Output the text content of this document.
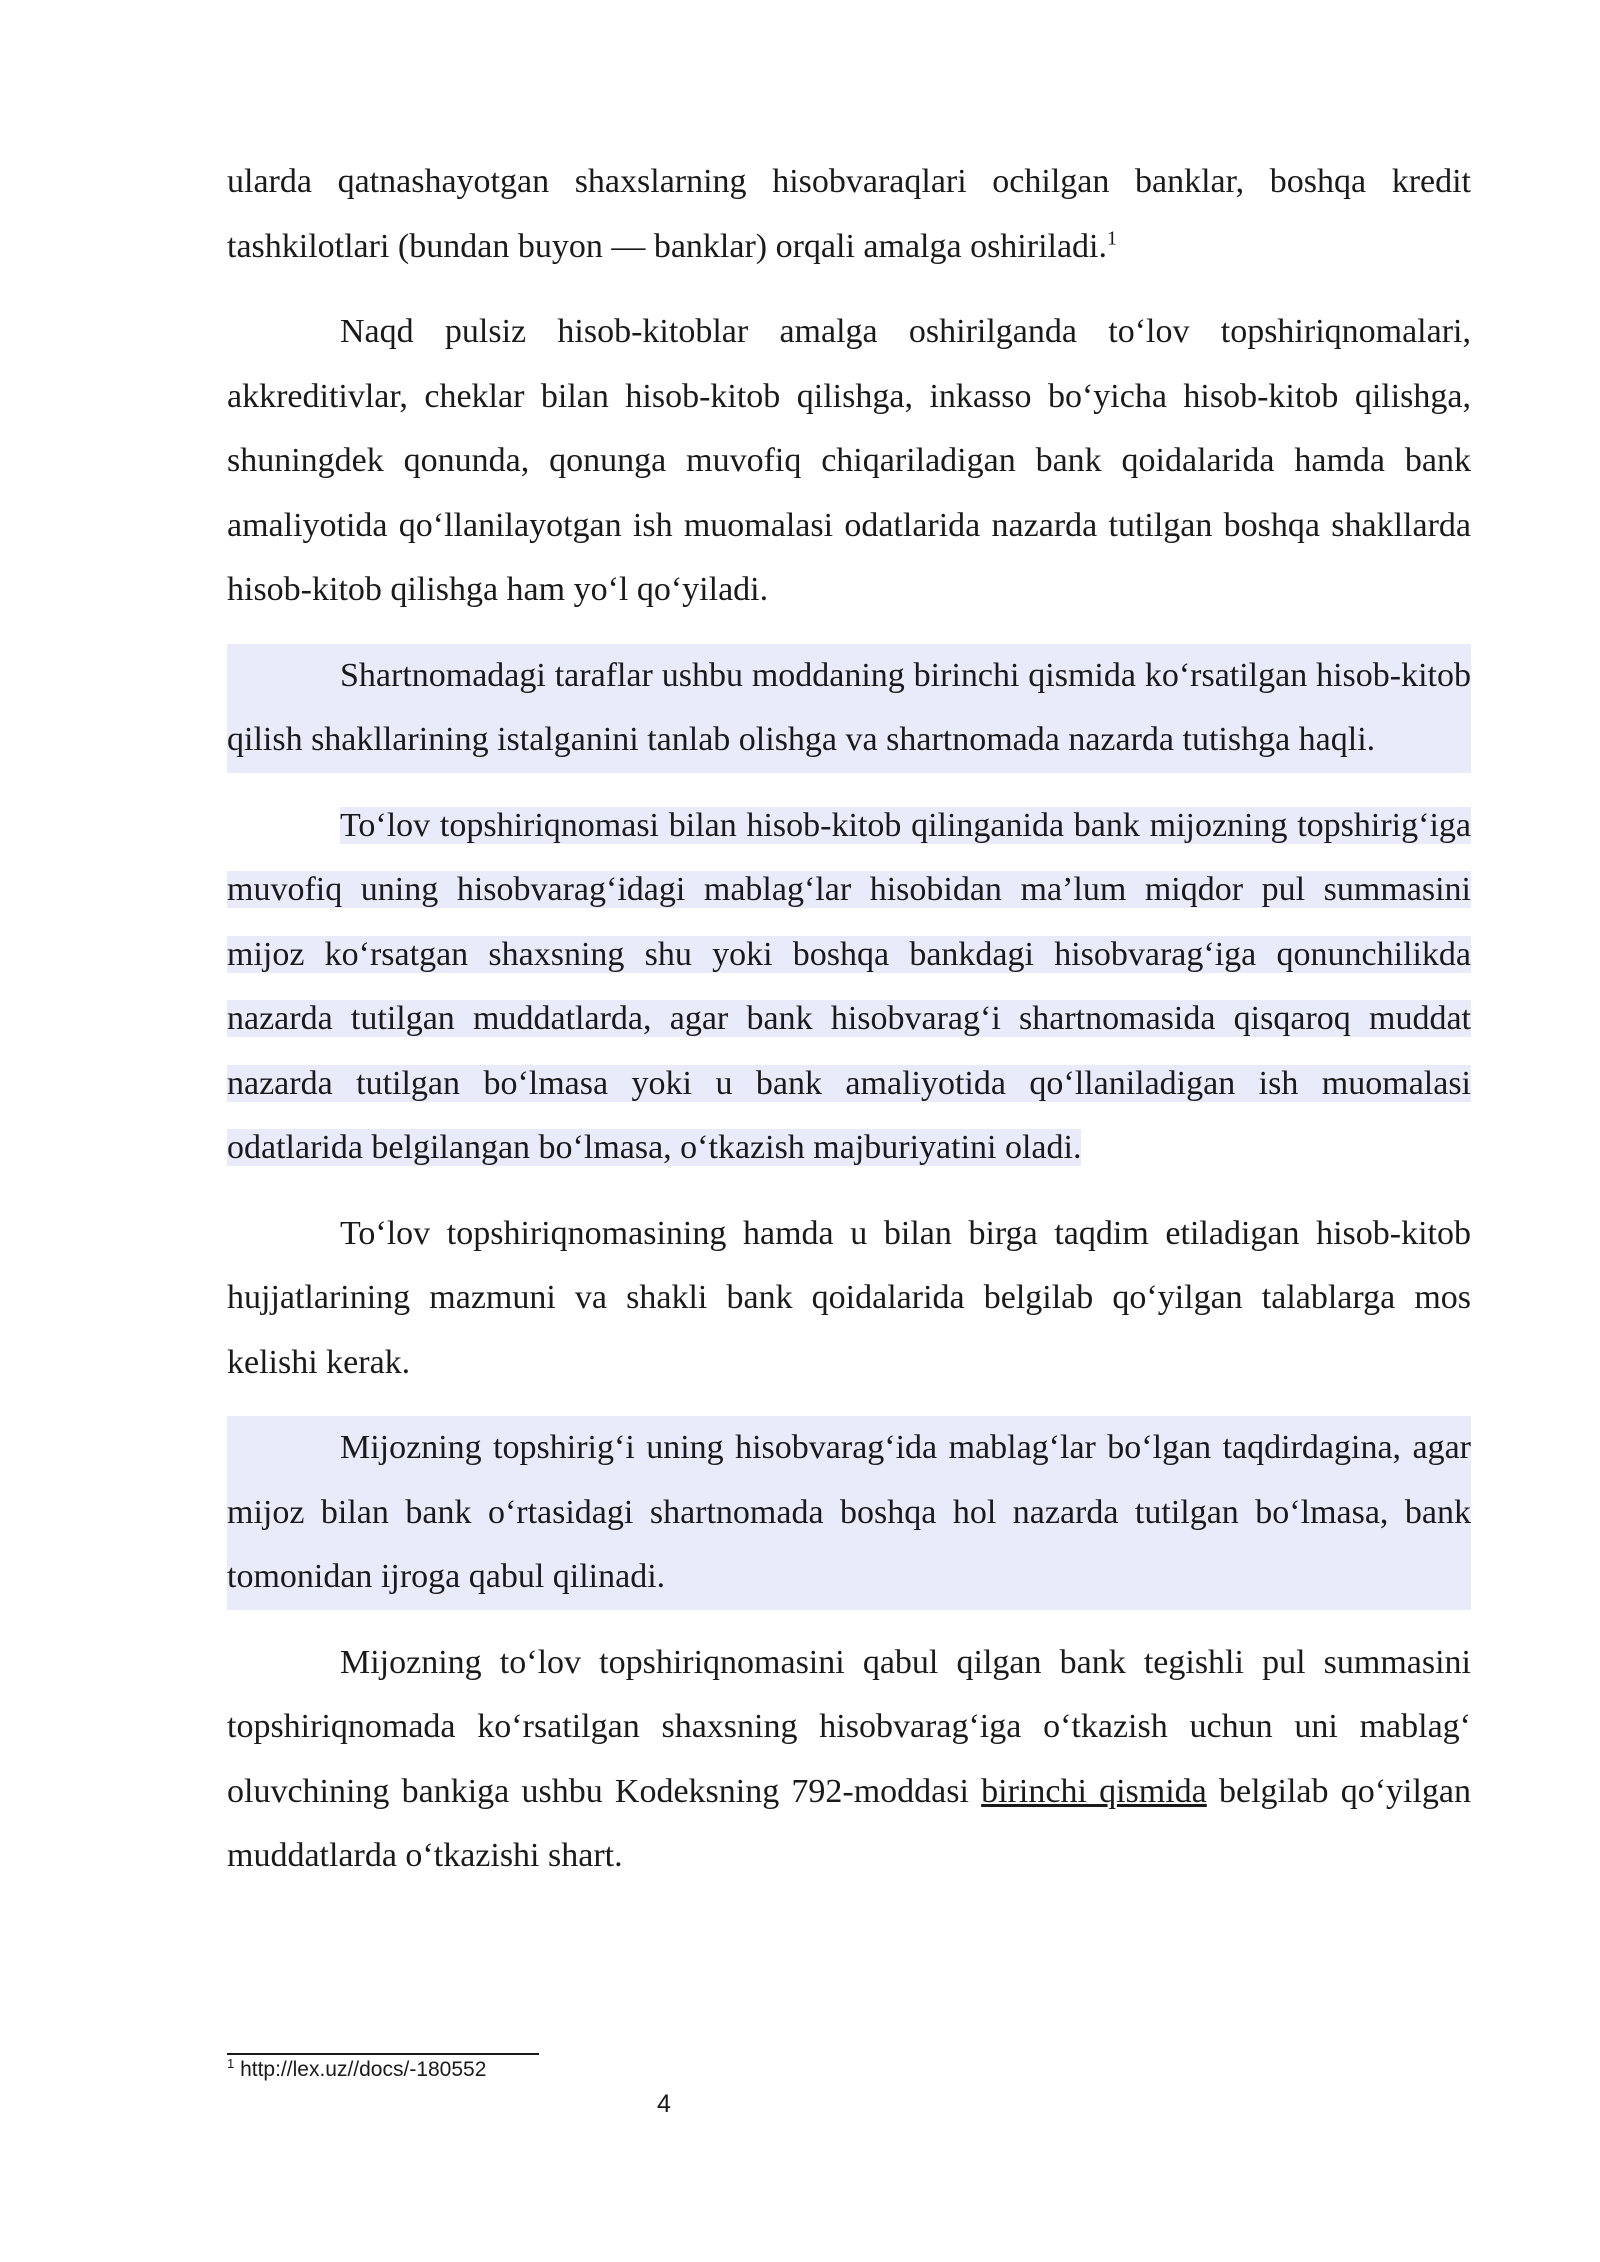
ularda qatnashayotgan shaxslarning hisobvaraqlari ochilgan banklar, boshqa kredit tashkilotlari (bundan buyon — banklar) orqali amalga oshiriladi.$^1$

Naqd pulsiz hisob-kitoblar amalga oshirilganda to‘lov topshiriqnomalari, akkreditivlar, cheklar bilan hisob-kitob qilishga, inkasso bo‘yicha hisob-kitob qilishga, shuningdek qonunda, qonunga muvofiq chiqariladigan bank qoidalarida hamda bank amaliyotida qo‘llanilayotgan ish muomalasi odatlarida nazarda tutilgan boshqa shakllarda hisob-kitob qilishga ham yo‘l qo‘yiladi.

Shartnomadagi taraflar ushbu moddaning birinchi qismida ko‘rsatilgan hisob-kitob qilish shakllarining istalganini tanlab olishga va shartnomada nazarda tutishga haqli.

To‘lov topshiriqnomasi bilan hisob-kitob qilinganida bank mijozning topshirig‘iga muvofiq uning hisobvarag‘idagi mablag‘lar hisobidan ma’lum miqdor pul summasini mijoz ko‘rsatgan shaxsning shu yoki boshqa bankdagi hisobvarag‘iga qonunchilikda nazarda tutilgan muddatlarda, agar bank hisobvarag‘i shartnomasida qisqaroq muddat nazarda tutilgan bo‘lmasa yoki u bank amaliyotida qo‘llaniladigan ish muomalasi odatlarida belgilangan bo‘lmasa, o‘tkazish majburiyatini oladi.

To‘lov topshiriqnomasining hamda u bilan birga taqdim etiladigan hisob-kitob hujjatlarining mazmuni va shakli bank qoidalarida belgilab qo‘yilgan talablarga mos kelishi kerak.

Mijozning topshirig‘i uning hisobvarag‘ida mablag‘lar bo‘lgan taqdirdagina, agar mijoz bilan bank o‘rtasidagi shartnomada boshqa hol nazarda tutilgan bo‘lmasa, bank tomonidan ijroga qabul qilinadi.

Mijozning to‘lov topshiriqnomasini qabul qilgan bank tegishli pul summasini topshiriqnomada ko‘rsatilgan shaxsning hisobvarag‘iga o‘tkazish uchun uni mablag‘ oluvchining bankiga ushbu Kodeksning 792-moddasi birinchi qismida belgilab qo‘yilgan muddatlarda o‘tkazishi shart.

$^1$ http://lex.uz//docs/-180552
4
